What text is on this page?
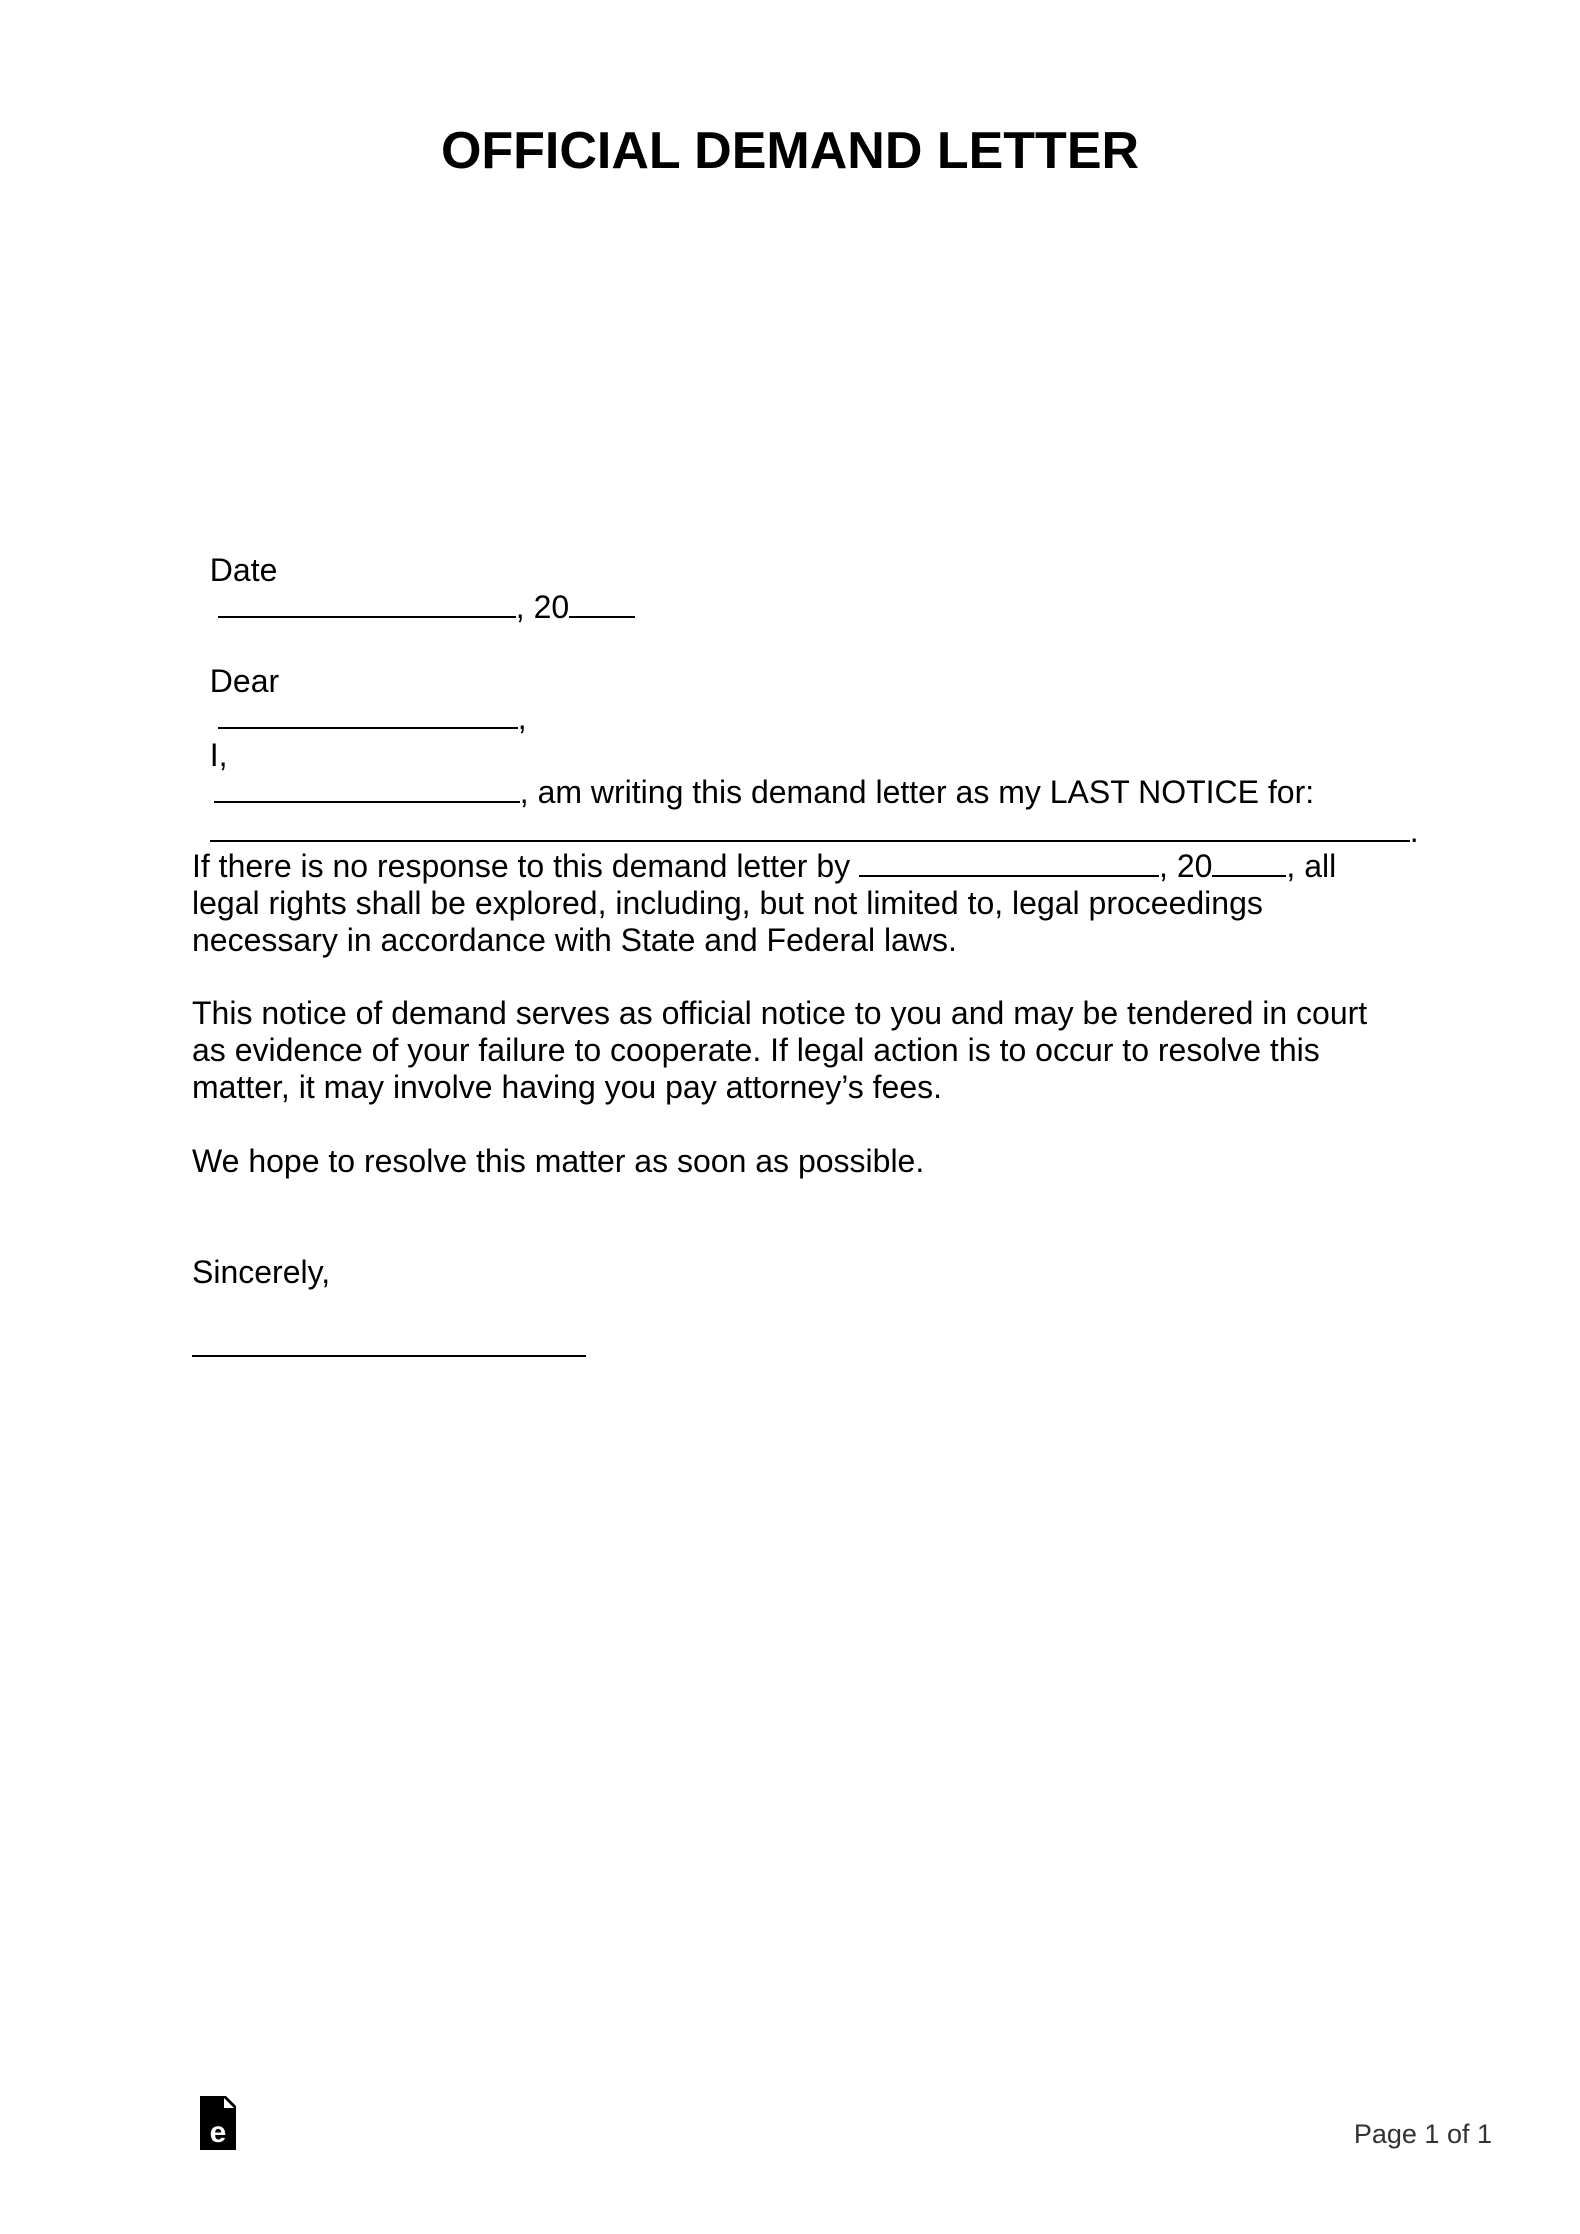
OFFICIAL DEMAND LETTER

Date
, 20

Dear
,

I,
, am writing this demand letter as my LAST NOTICE for:

.

If there is no response to this demand letter by	, 20 , all
legal rights shall be explored, including, but not limited to, legal proceedings
necessary in accordance with State and Federal laws.
This notice of demand serves as official notice to you and may be tendered in court
as evidence of your failure to cooperate. If legal action is to occur to resolve this
matter, it may involve having you pay attorney’s fees.
We hope to resolve this matter as soon as possible.
Sincerely,
e	Page 1 of 1
